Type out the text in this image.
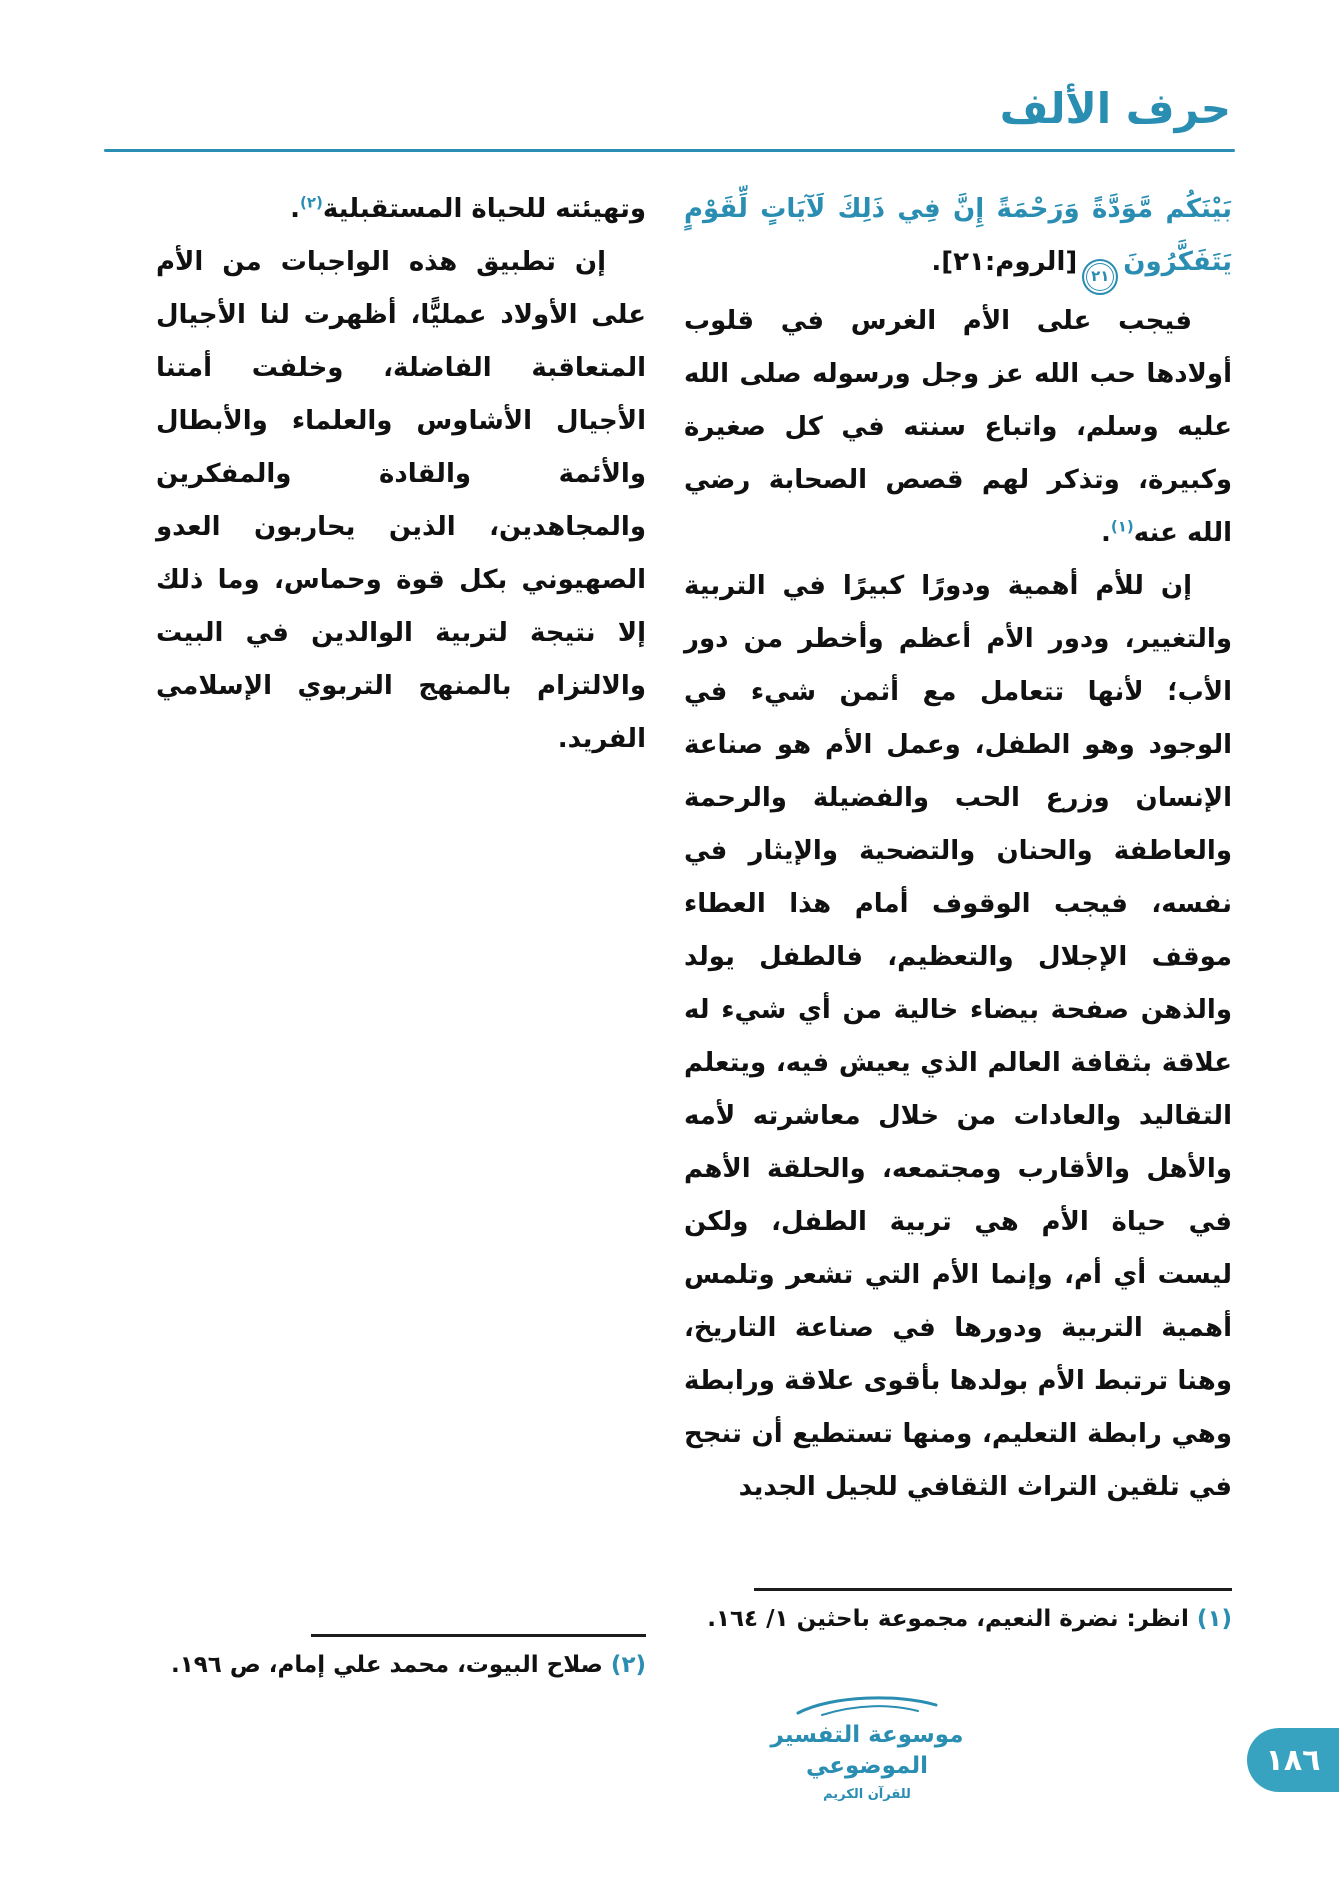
حرف الألف

بَيْنَكُم مَّوَدَّةً وَرَحْمَةً إِنَّ فِي ذَلِكَ لَآيَاتٍ لِّقَوْمٍ يَتَفَكَّرُونَ
٢١
[الروم:٢١].

فيجب على الأم الغرس في قلوب أولادها حب الله عز وجل ورسوله صلى الله عليه وسلم، واتباع سنته في كل صغيرة وكبيرة، وتذكر لهم قصص الصحابة رضي الله عنه$^{(١)}$.

إن للأم أهمية ودورًا كبيرًا في التربية والتغيير، ودور الأم أعظم وأخطر من دور الأب؛ لأنها تتعامل مع أثمن شيء في الوجود وهو الطفل، وعمل الأم هو صناعة الإنسان وزرع الحب والفضيلة والرحمة والعاطفة والحنان والتضحية والإيثار في نفسه، فيجب الوقوف أمام هذا العطاء موقف الإجلال والتعظيم، فالطفل يولد والذهن صفحة بيضاء خالية من أي شيء له علاقة بثقافة العالم الذي يعيش فيه، ويتعلم التقاليد والعادات من خلال معاشرته لأمه والأهل والأقارب ومجتمعه، والحلقة الأهم في حياة الأم هي تربية الطفل، ولكن ليست أي أم، وإنما الأم التي تشعر وتلمس أهمية التربية ودورها في صناعة التاريخ، وهنا ترتبط الأم بولدها بأقوى علاقة ورابطة وهي رابطة التعليم، ومنها تستطيع أن تنجح في تلقين التراث الثقافي للجيل الجديد

وتهيئته للحياة المستقبلية$^{(٢)}$.

إن تطبيق هذه الواجبات من الأم على الأولاد عمليًّا، أظهرت لنا الأجيال المتعاقبة الفاضلة، وخلفت أمتنا الأجيال الأشاوس والعلماء والأبطال والأئمة والقادة والمفكرين والمجاهدين، الذين يحاربون العدو الصهيوني بكل قوة وحماس، وما ذلك إلا نتيجة لتربية الوالدين في البيت والالتزام بالمنهج التربوي الإسلامي الفريد.

(١) انظر: نضرة النعيم، مجموعة باحثين ١/ ١٦٤.

(٢) صلاح البيوت، محمد علي إمام، ص ١٩٦.

موسوعة التفسير الموضوعي
للقرآن الكريم
١٨٦
